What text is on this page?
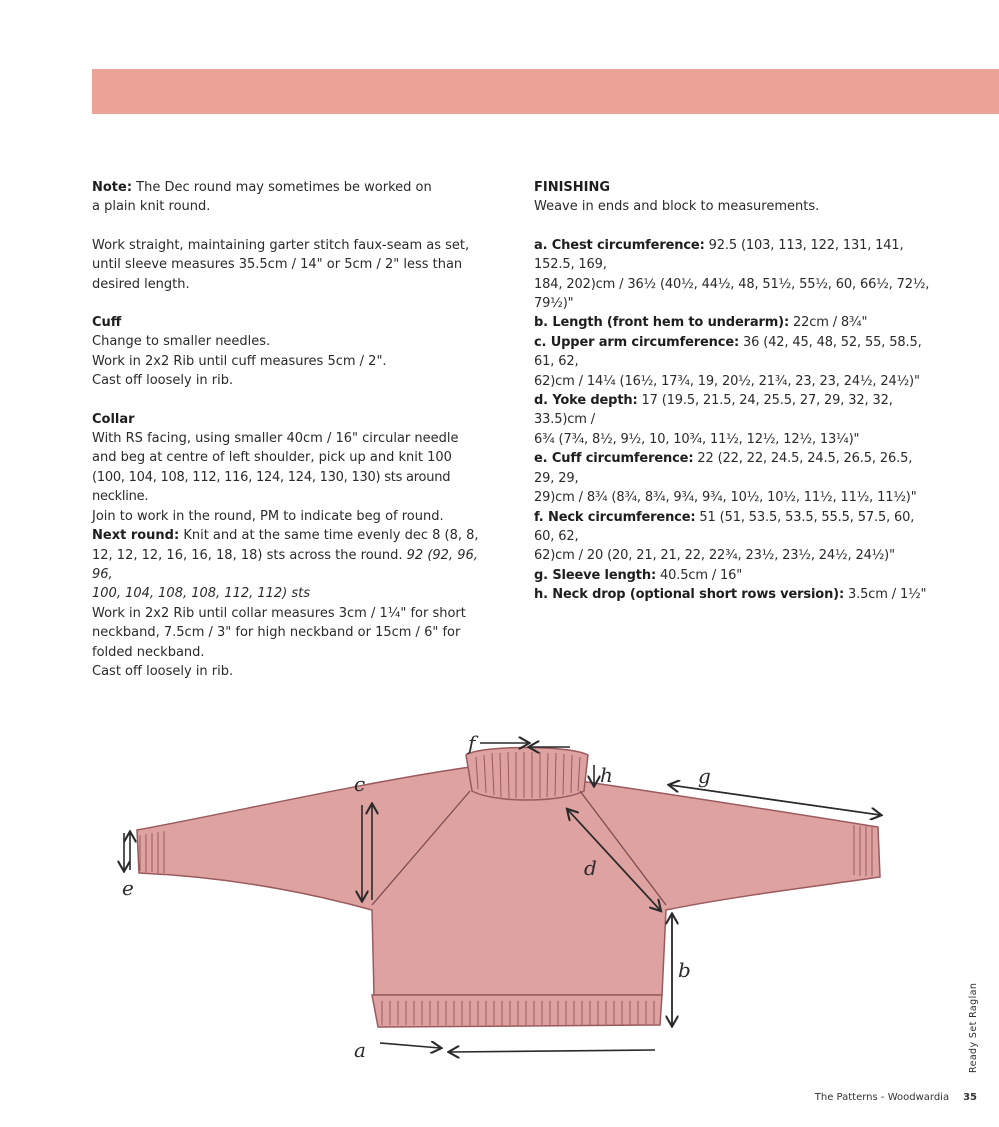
Note: The Dec round may sometimes be worked on
a plain knit round.
Work straight, maintaining garter stitch faux-seam as set,
until sleeve measures 35.5cm / 14" or 5cm / 2" less than
desired length.
Cuff
Change to smaller needles.
Work in 2x2 Rib until cuff measures 5cm / 2".
Cast off loosely in rib.
Collar
With RS facing, using smaller 40cm / 16" circular needle
and beg at centre of left shoulder, pick up and knit 100
(100, 104, 108, 112, 116, 124, 124, 130, 130) sts around neckline.
Join to work in the round, PM to indicate beg of round.
Next round: Knit and at the same time evenly dec 8 (8, 8,
12, 12, 12, 16, 16, 18, 18) sts across the round. 92 (92, 96, 96,
100, 104, 108, 108, 112, 112) sts
Work in 2x2 Rib until collar measures 3cm / 1¼" for short
neckband, 7.5cm / 3" for high neckband or 15cm / 6" for
folded neckband.
Cast off loosely in rib.
FINISHING
Weave in ends and block to measurements.
a. Chest circumference: 92.5 (103, 113, 122, 131, 141, 152.5, 169,
184, 202)cm / 36½ (40½, 44½, 48, 51½, 55½, 60, 66½, 72½, 79½)"
b. Length (front hem to underarm): 22cm / 8¾"
c. Upper arm circumference: 36 (42, 45, 48, 52, 55, 58.5, 61, 62,
62)cm / 14¼ (16½, 17¾, 19, 20½, 21¾, 23, 23, 24½, 24½)"
d. Yoke depth: 17 (19.5, 21.5, 24, 25.5, 27, 29, 32, 32, 33.5)cm /
6¾ (7¾, 8½, 9½, 10, 10¾, 11½, 12½, 12½, 13¼)"
e. Cuff circumference: 22 (22, 22, 24.5, 24.5, 26.5, 26.5, 29, 29,
29)cm / 8¾ (8¾, 8¾, 9¾, 9¾, 10½, 10½, 11½, 11½, 11½)"
f. Neck circumference: 51 (51, 53.5, 53.5, 55.5, 57.5, 60, 60, 62,
62)cm / 20 (20, 21, 21, 22, 22¾, 23½, 23½, 24½, 24½)"
g. Sleeve length: 40.5cm / 16"
h. Neck drop (optional short rows version): 3.5cm / 1½"
f
c
e
d
b
g
h
a	Ready Set Raglan
The Patterns - Woodwardia 35
